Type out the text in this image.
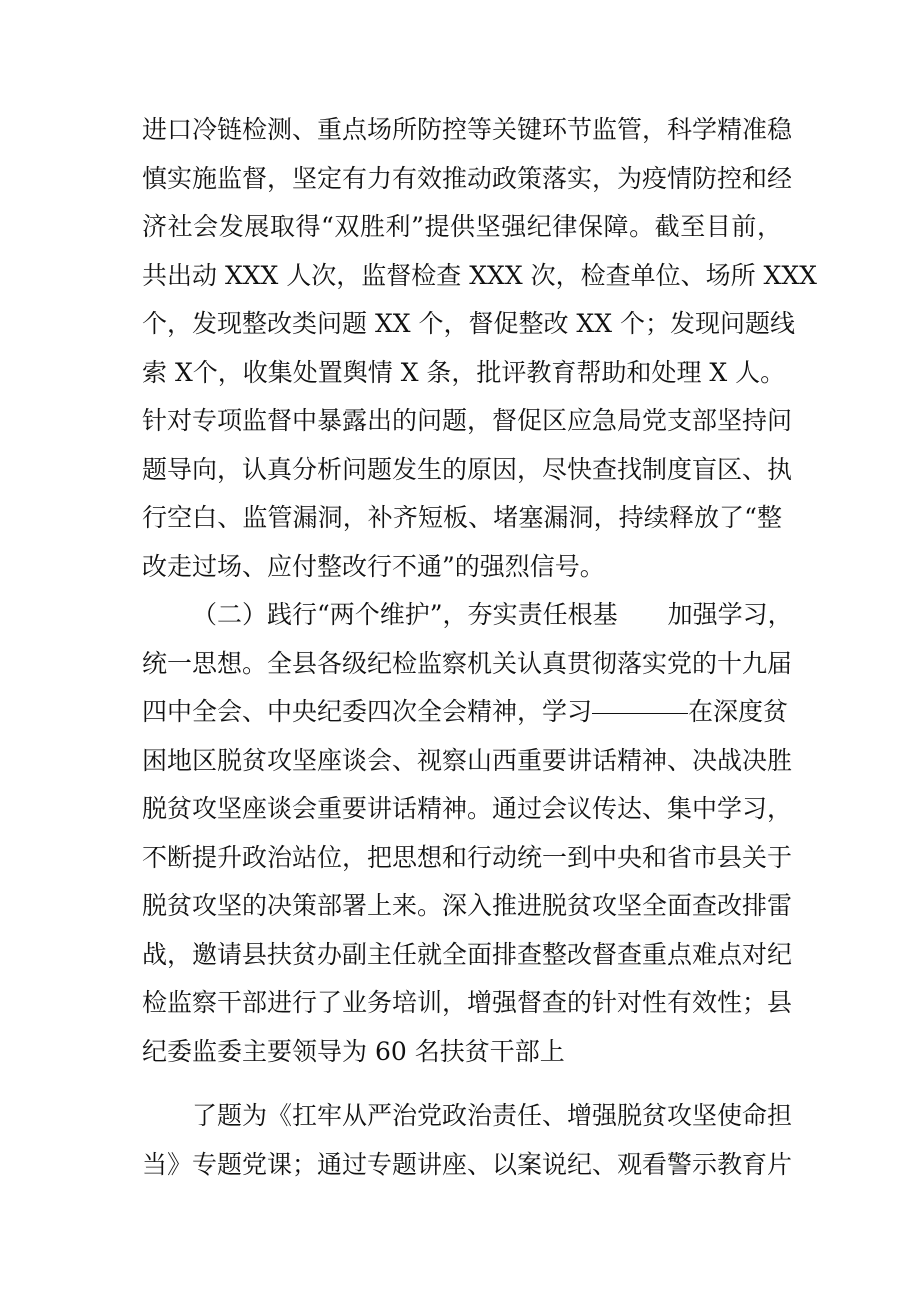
进口冷链检测、重点场所防控等关键环节监管，科学精准稳
慎实施监督，坚定有力有效推动政策落实，为疫情防控和经
济社会发展取得“双胜利”提供坚强纪律保障。截至目前，
共出动 XXX 人次，监督检查 XXX 次，检查单位、场所 XXX
个，发现整改类问题 XX 个，督促整改 XX 个；发现问题线
索 X个，收集处置舆情 X 条，批评教育帮助和处理 X 人。
针对专项监督中暴露出的问题，督促区应急局党支部坚持问
题导向，认真分析问题发生的原因，尽快查找制度盲区、执
行空白、监管漏洞，补齐短板、堵塞漏洞，持续释放了“整
改走过场、应付整改行不通”的强烈信号。
（二）践行“两个维护”，夯实责任根基　　加强学习，
统一思想。全县各级纪检监察机关认真贯彻落实党的十九届
四中全会、中央纪委四次全会精神，学习	在深度贫
困地区脱贫攻坚座谈会、视察山西重要讲话精神、决战决胜
脱贫攻坚座谈会重要讲话精神。通过会议传达、集中学习，
不断提升政治站位，把思想和行动统一到中央和省市县关于
脱贫攻坚的决策部署上来。深入推进脱贫攻坚全面查改排雷
战，邀请县扶贫办副主任就全面排查整改督查重点难点对纪
检监察干部进行了业务培训，增强督查的针对性有效性；县
纪委监委主要领导为 60 名扶贫干部上
了题为《扛牢从严治党政治责任、增强脱贫攻坚使命担
当》专题党课；通过专题讲座、以案说纪、观看警示教育片
